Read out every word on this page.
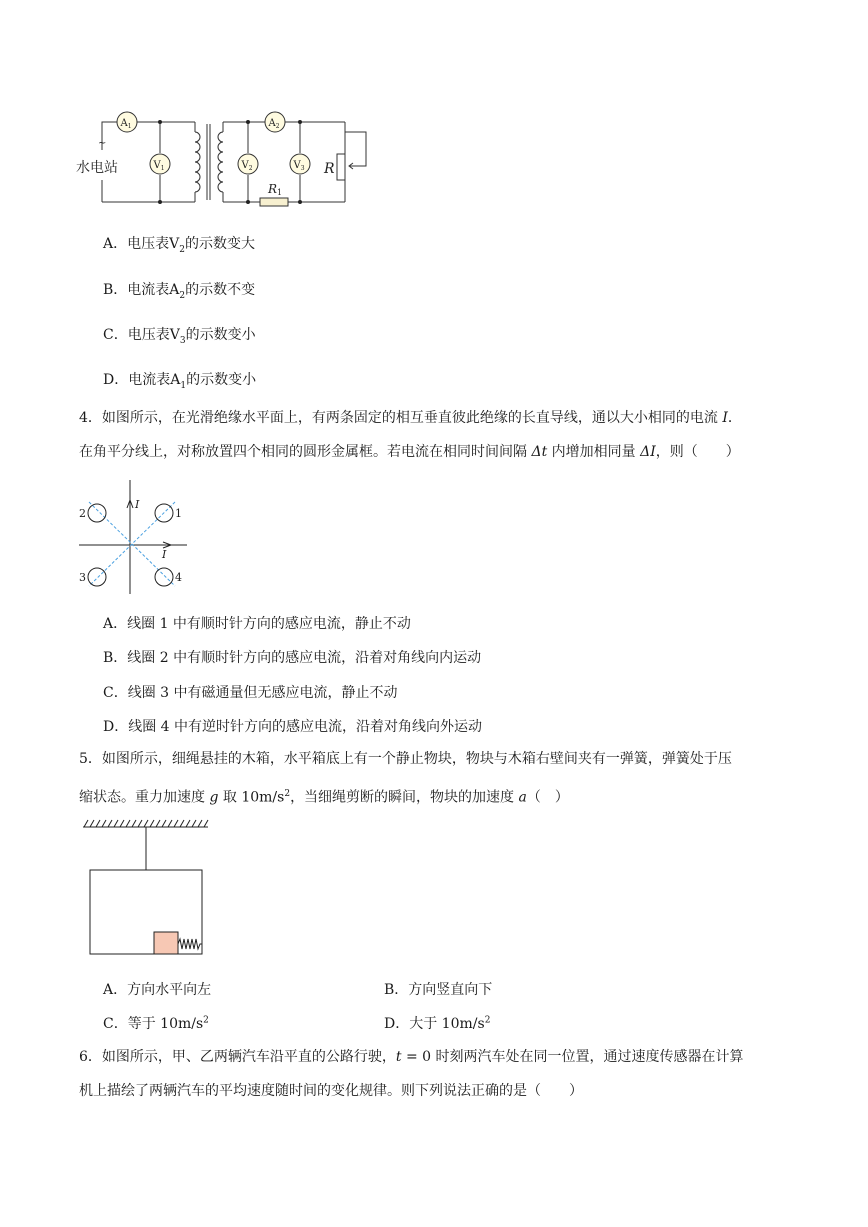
$A_1$	$A_2$
$V_1$	$V_2$	$V_3$ R
R1
~
水电站
A．电压表$V_2$的示数变大
B．电流表$A_2$的示数不变
C．电压表$V_3$的示数变小
D．电流表$A_1$的示数变小
4．如图所示，在光滑绝缘水平面上，有两条固定的相互垂直彼此绝缘的长直导线，通以大小相同的电流 I．
在角平分线上，对称放置四个相同的圆形金属框。若电流在相同时间间隔 Δt 内增加相同量 ΔI，则（　　）
1
2
3	4
I
I
A．线圈 1 中有顺时针方向的感应电流，静止不动
B．线圈 2 中有顺时针方向的感应电流，沿着对角线向内运动
C．线圈 3 中有磁通量但无感应电流，静止不动
D．线圈 4 中有逆时针方向的感应电流，沿着对角线向外运动
5．如图所示，细绳悬挂的木箱，水平箱底上有一个静止物块，物块与木箱右壁间夹有一弹簧，弹簧处于压
缩状态。重力加速度 g 取 $10m/s^2$，当细绳剪断的瞬间，物块的加速度 a（　）
A．方向水平向左	B．方向竖直向下
C．等于 $10m/s^2$	D．大于 $10m/s^2$
6．如图所示，甲、乙两辆汽车沿平直的公路行驶，t = 0 时刻两汽车处在同一位置，通过速度传感器在计算
机上描绘了两辆汽车的平均速度随时间的变化规律。则下列说法正确的是（　　）
